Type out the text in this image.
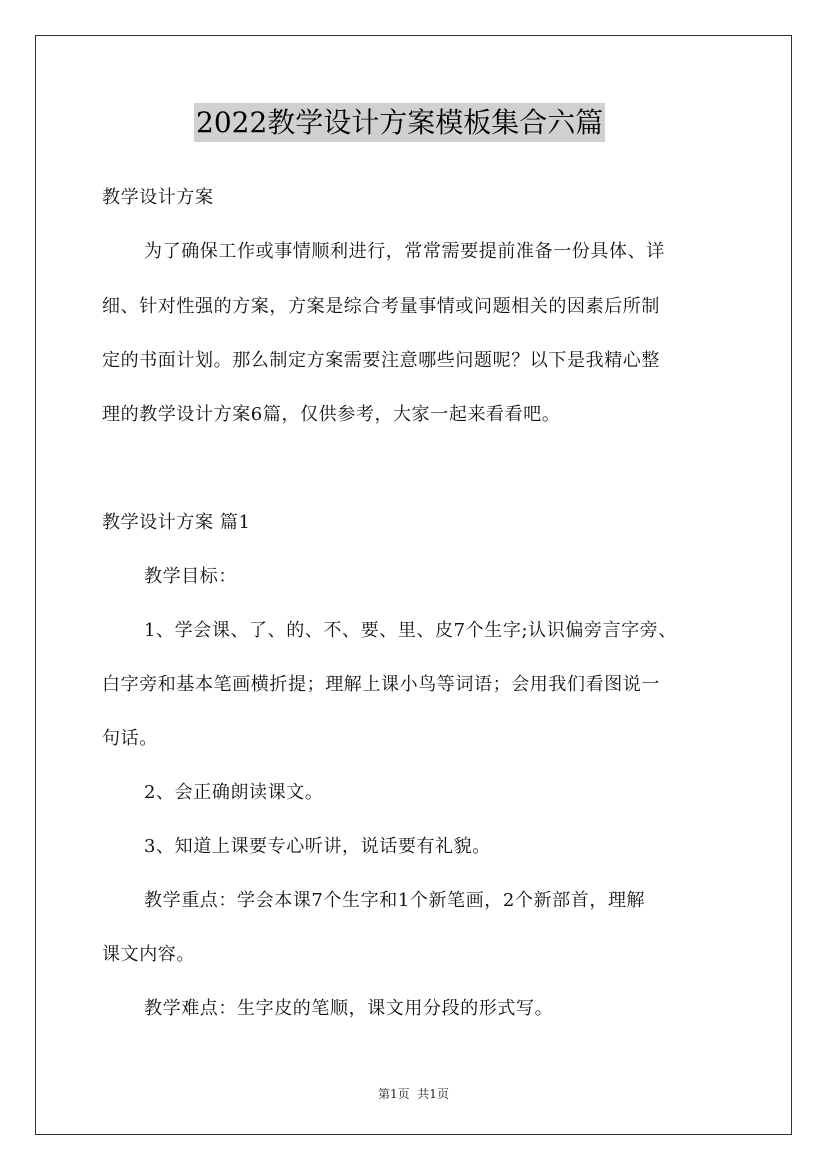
2022教学设计方案模板集合六篇
教学设计方案
为了确保工作或事情顺利进行，常常需要提前准备一份具体、详
细、针对性强的方案，方案是综合考量事情或问题相关的因素后所制
定的书面计划。那么制定方案需要注意哪些问题呢？以下是我精心整
理的教学设计方案6篇，仅供参考，大家一起来看看吧。
教学设计方案 篇1
教学目标：
1、学会课、了、的、不、要、里、皮7个生字;认识偏旁言字旁、
白字旁和基本笔画横折提；理解上课小鸟等词语；会用我们看图说一
句话。
2、会正确朗读课文。
3、知道上课要专心听讲，说话要有礼貌。
教学重点：学会本课7个生字和1个新笔画，2个新部首，理解
课文内容。
教学难点：生字皮的笔顺，课文用分段的形式写。
第1页  共1页
